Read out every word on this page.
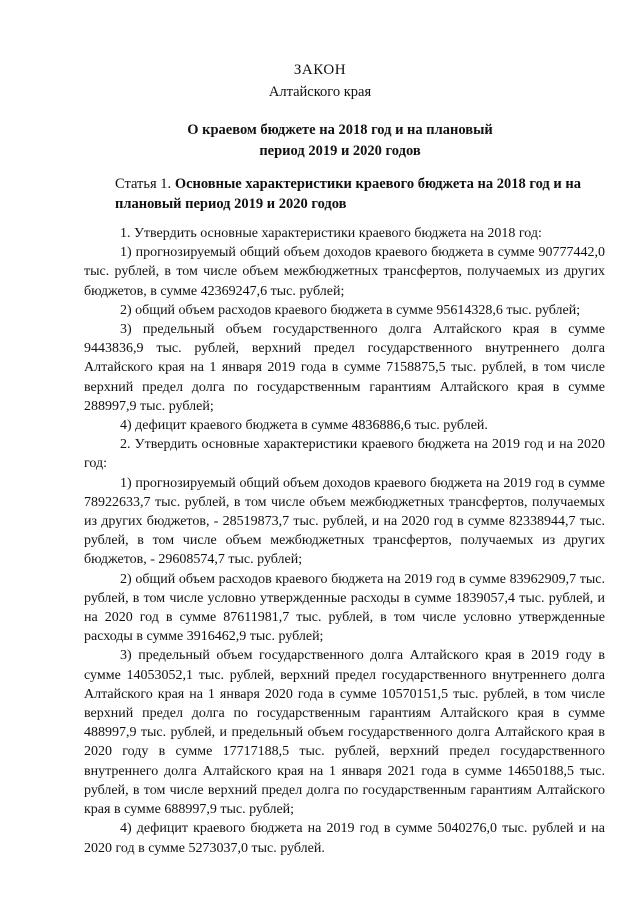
ЗАКОН
Алтайского края
О краевом бюджете на 2018 год и на плановый
период 2019 и 2020 годов
Статья 1. Основные характеристики краевого бюджета на 2018 год и на плановый период 2019 и 2020 годов

1. Утвердить основные характеристики краевого бюджета на 2018 год:

1) прогнозируемый общий объем доходов краевого бюджета в сумме 90777442,0 тыс. рублей, в том числе объем межбюджетных трансфертов, получаемых из других бюджетов, в сумме 42369247,6 тыс. рублей;

2) общий объем расходов краевого бюджета в сумме 95614328,6 тыс. рублей;

3) предельный объем государственного долга Алтайского края в сумме 9443836,9 тыс. рублей, верхний предел государственного внутреннего долга Алтайского края на 1 января 2019 года в сумме 7158875,5 тыс. рублей, в том числе верхний предел долга по государственным гарантиям Алтайского края в сумме 288997,9 тыс. рублей;

4) дефицит краевого бюджета в сумме 4836886,6 тыс. рублей.

2. Утвердить основные характеристики краевого бюджета на 2019 год и на 2020 год:

1) прогнозируемый общий объем доходов краевого бюджета на 2019 год в сумме 78922633,7 тыс. рублей, в том числе объем межбюджетных трансфертов, получаемых из других бюджетов, - 28519873,7 тыс. рублей, и на 2020 год в сумме 82338944,7 тыс. рублей, в том числе объем межбюджетных трансфертов, получаемых из других бюджетов, - 29608574,7 тыс. рублей;

2) общий объем расходов краевого бюджета на 2019 год в сумме 83962909,7 тыс. рублей, в том числе условно утвержденные расходы в сумме 1839057,4 тыс. рублей, и на 2020 год в сумме 87611981,7 тыс. рублей, в том числе условно утвержденные расходы в сумме 3916462,9 тыс. рублей;

3) предельный объем государственного долга Алтайского края в 2019 году в сумме 14053052,1 тыс. рублей, верхний предел государственного внутреннего долга Алтайского края на 1 января 2020 года в сумме 10570151,5 тыс. рублей, в том числе верхний предел долга по государственным гарантиям Алтайского края в сумме 488997,9 тыс. рублей, и предельный объем государственного долга Алтайского края в 2020 году в сумме 17717188,5 тыс. рублей, верхний предел государственного внутреннего долга Алтайского края на 1 января 2021 года в сумме 14650188,5 тыс. рублей, в том числе верхний предел долга по государственным гарантиям Алтайского края в сумме 688997,9 тыс. рублей;

4) дефицит краевого бюджета на 2019 год в сумме 5040276,0 тыс. рублей и на 2020 год в сумме 5273037,0 тыс. рублей.
